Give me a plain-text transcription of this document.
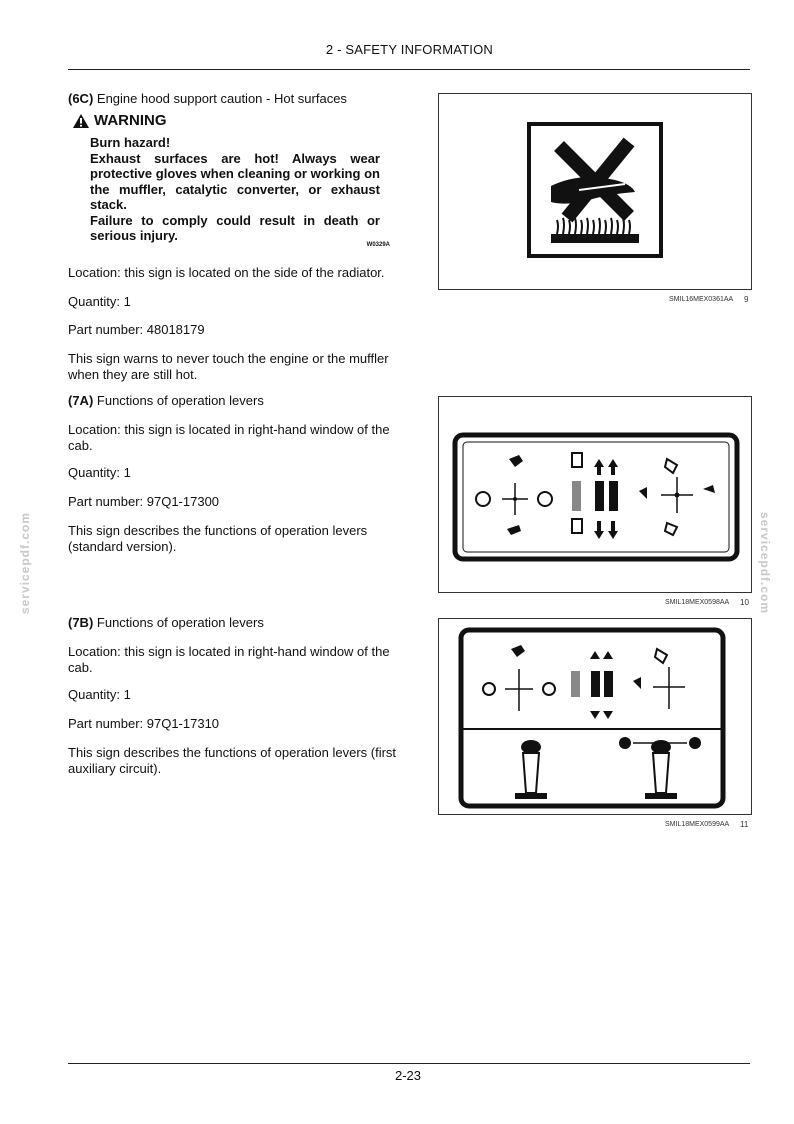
2 - SAFETY INFORMATION
servicepdf.com	servicepdf.com

(6C) Engine hood support caution - Hot surfaces

WARNING
Burn hazard!
Exhaust surfaces are hot! Always wear protective gloves when cleaning or working on the muffler, catalytic converter, or exhaust stack.
Failure to comply could result in death or serious injury.
W0329A
Location: this sign is located on the side of the radiator.
Quantity: 1
Part number: 48018179
This sign warns to never touch the engine or the muffler when they are still hot.

(7A) Functions of operation levers

Location: this sign is located in right-hand window of the cab.
Quantity: 1
Part number: 97Q1-17300
This sign describes the functions of operation levers (standard version).

(7B) Functions of operation levers

Location: this sign is located in right-hand window of the cab.
Quantity: 1
Part number: 97Q1-17310
This sign describes the functions of operation levers (first auxiliary circuit).
SMIL16MEX0361AA 9
SMIL18MEX0598AA 10
SMIL18MEX0599AA 11
2-23
